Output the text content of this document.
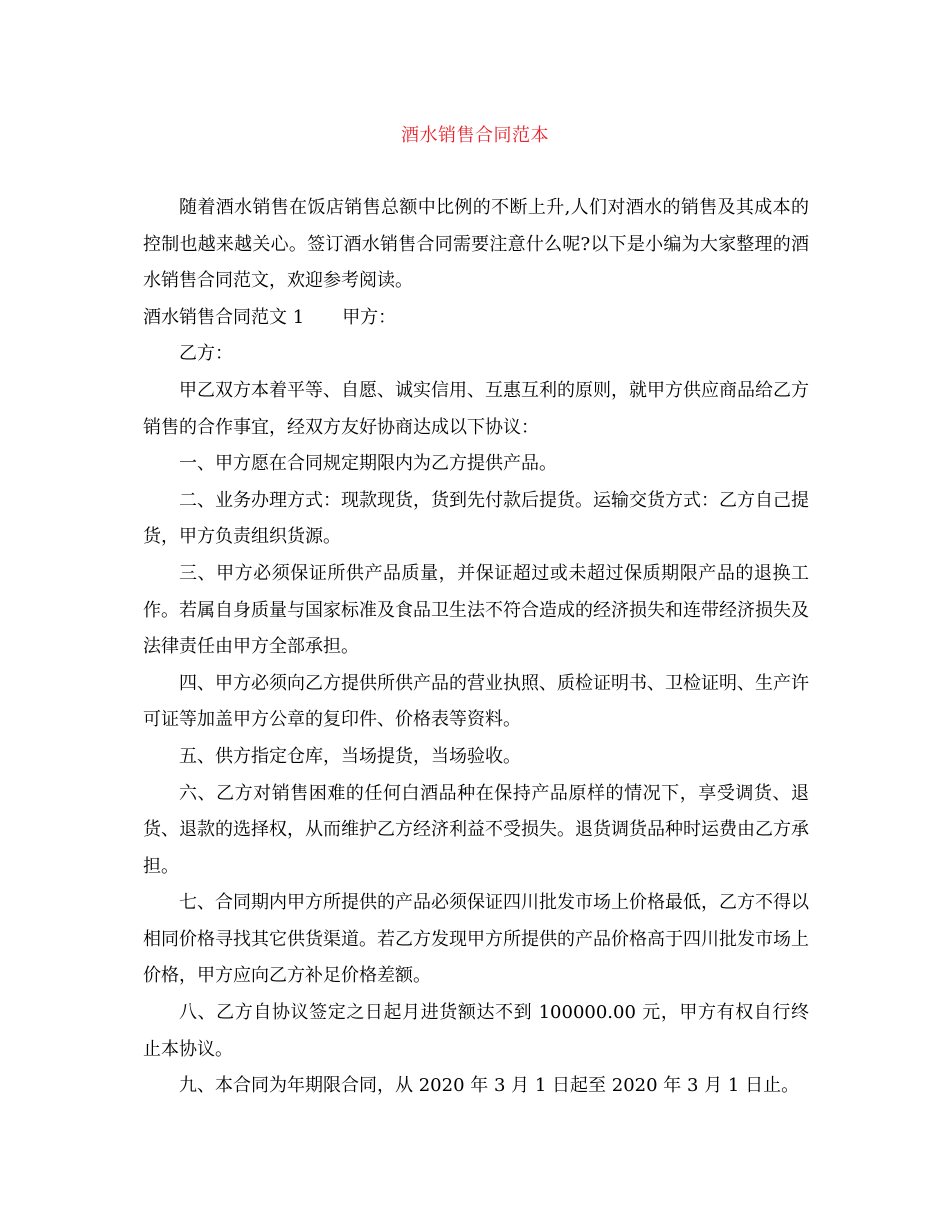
酒水销售合同范本

随着酒水销售在饭店销售总额中比例的不断上升,人们对酒水的销售及其成本的控制也越来越关心。签订酒水销售合同需要注意什么呢?以下是小编为大家整理的酒水销售合同范文，欢迎参考阅读。

酒水销售合同范文 1 甲方：

乙方：

甲乙双方本着平等、自愿、诚实信用、互惠互利的原则，就甲方供应商品给乙方销售的合作事宜，经双方友好协商达成以下协议：

一、甲方愿在合同规定期限内为乙方提供产品。

二、业务办理方式：现款现货，货到先付款后提货。运输交货方式：乙方自己提货，甲方负责组织货源。

三、甲方必须保证所供产品质量，并保证超过或未超过保质期限产品的退换工作。若属自身质量与国家标准及食品卫生法不符合造成的经济损失和连带经济损失及法律责任由甲方全部承担。

四、甲方必须向乙方提供所供产品的营业执照、质检证明书、卫检证明、生产许可证等加盖甲方公章的复印件、价格表等资料。

五、供方指定仓库，当场提货，当场验收。

六、乙方对销售困难的任何白酒品种在保持产品原样的情况下，享受调货、退货、退款的选择权，从而维护乙方经济利益不受损失。退货调货品种时运费由乙方承担。

七、合同期内甲方所提供的产品必须保证四川批发市场上价格最低，乙方不得以相同价格寻找其它供货渠道。若乙方发现甲方所提供的产品价格高于四川批发市场上价格，甲方应向乙方补足价格差额。

八、乙方自协议签定之日起月进货额达不到 100000.00 元，甲方有权自行终止本协议。

九、本合同为年期限合同，从 2020 年 3 月 1 日起至 2020 年 3 月 1 日止。
